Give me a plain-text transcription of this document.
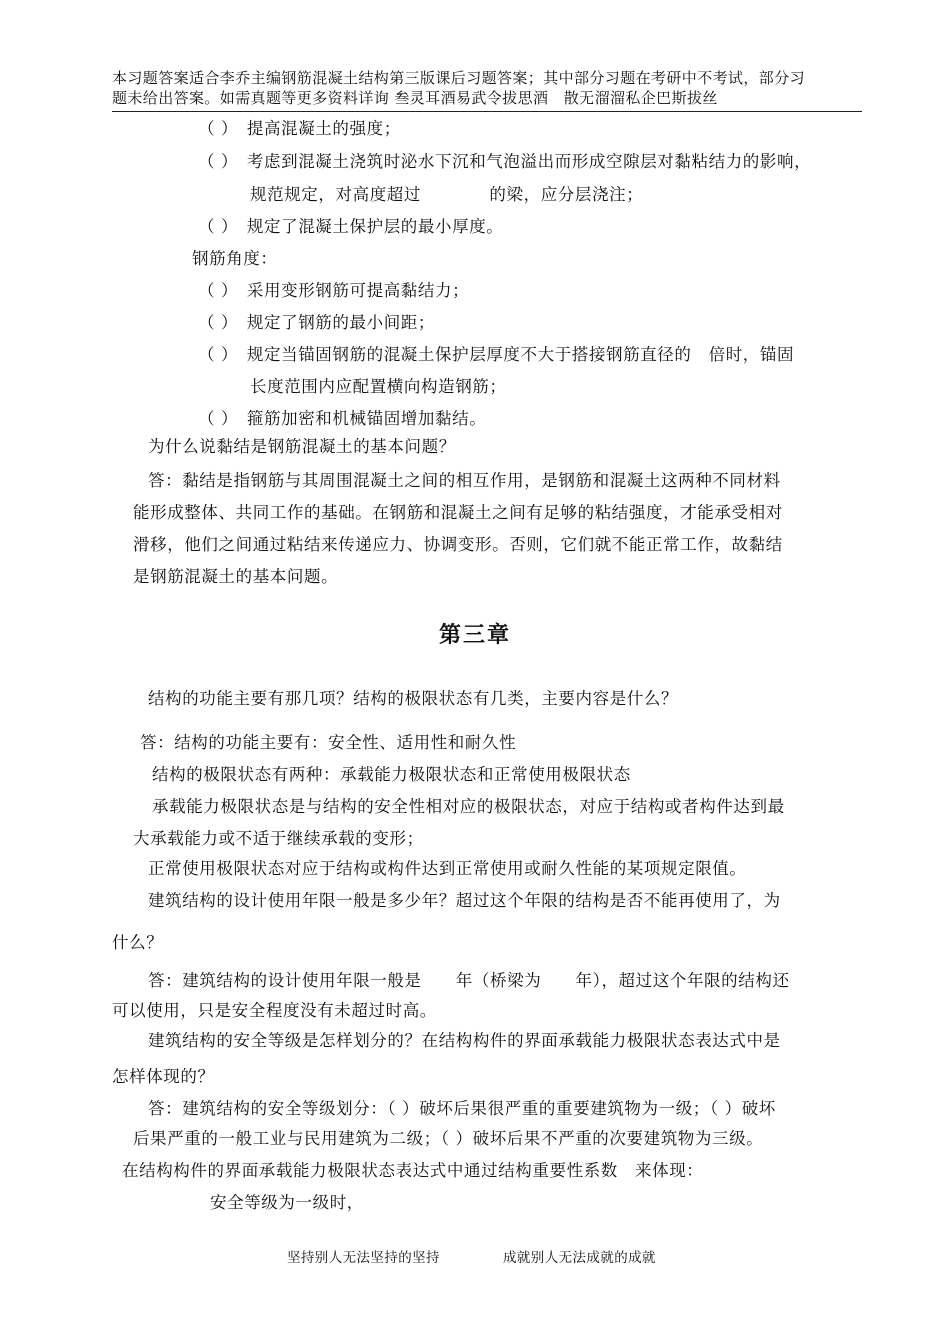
本习题答案适合李乔主编钢筋混凝土结构第三版课后习题答案；其中部分习题在考研中不考试，部分习
题未给出答案。如需真题等更多资料详询 叁灵耳酒易武令拔思酒　散无溜溜私企巴斯拔丝
（ ）　提高混凝土的强度；
（ ）　考虑到混凝土浇筑时泌水下沉和气泡溢出而形成空隙层对黏粘结力的影响，
规范规定，对高度超过　　　　的梁，应分层浇注；
（ ）　规定了混凝土保护层的最小厚度。
钢筋角度：
（ ）　采用变形钢筋可提高黏结力；
（ ）　规定了钢筋的最小间距；
（ ）　规定当锚固钢筋的混凝土保护层厚度不大于搭接钢筋直径的　倍时，锚固
长度范围内应配置横向构造钢筋；
（ ）　箍筋加密和机械锚固增加黏结。
为什么说黏结是钢筋混凝土的基本问题？
答：黏结是指钢筋与其周围混凝土之间的相互作用，是钢筋和混凝土这两种不同材料
能形成整体、共同工作的基础。在钢筋和混凝土之间有足够的粘结强度，才能承受相对
滑移，他们之间通过粘结来传递应力、协调变形。否则，它们就不能正常工作，故黏结
是钢筋混凝土的基本问题。
第三章
结构的功能主要有那几项？结构的极限状态有几类，主要内容是什么？
答：结构的功能主要有：安全性、适用性和耐久性
结构的极限状态有两种：承载能力极限状态和正常使用极限状态
承载能力极限状态是与结构的安全性相对应的极限状态，对应于结构或者构件达到最
大承载能力或不适于继续承载的变形；
正常使用极限状态对应于结构或构件达到正常使用或耐久性能的某项规定限值。
建筑结构的设计使用年限一般是多少年？超过这个年限的结构是否不能再使用了，为
什么？
答：建筑结构的设计使用年限一般是　　年（桥梁为　　年），超过这个年限的结构还
可以使用，只是安全程度没有未超过时高。
建筑结构的安全等级是怎样划分的？在结构构件的界面承载能力极限状态表达式中是
怎样体现的？
答：建筑结构的安全等级划分：（ ）破坏后果很严重的重要建筑物为一级；（ ）破坏
后果严重的一般工业与民用建筑为二级；（ ）破坏后果不严重的次要建筑物为三级。
在结构构件的界面承载能力极限状态表达式中通过结构重要性系数　来体现：
安全等级为一级时，
坚持别人无法坚持的坚持	成就别人无法成就的成就
